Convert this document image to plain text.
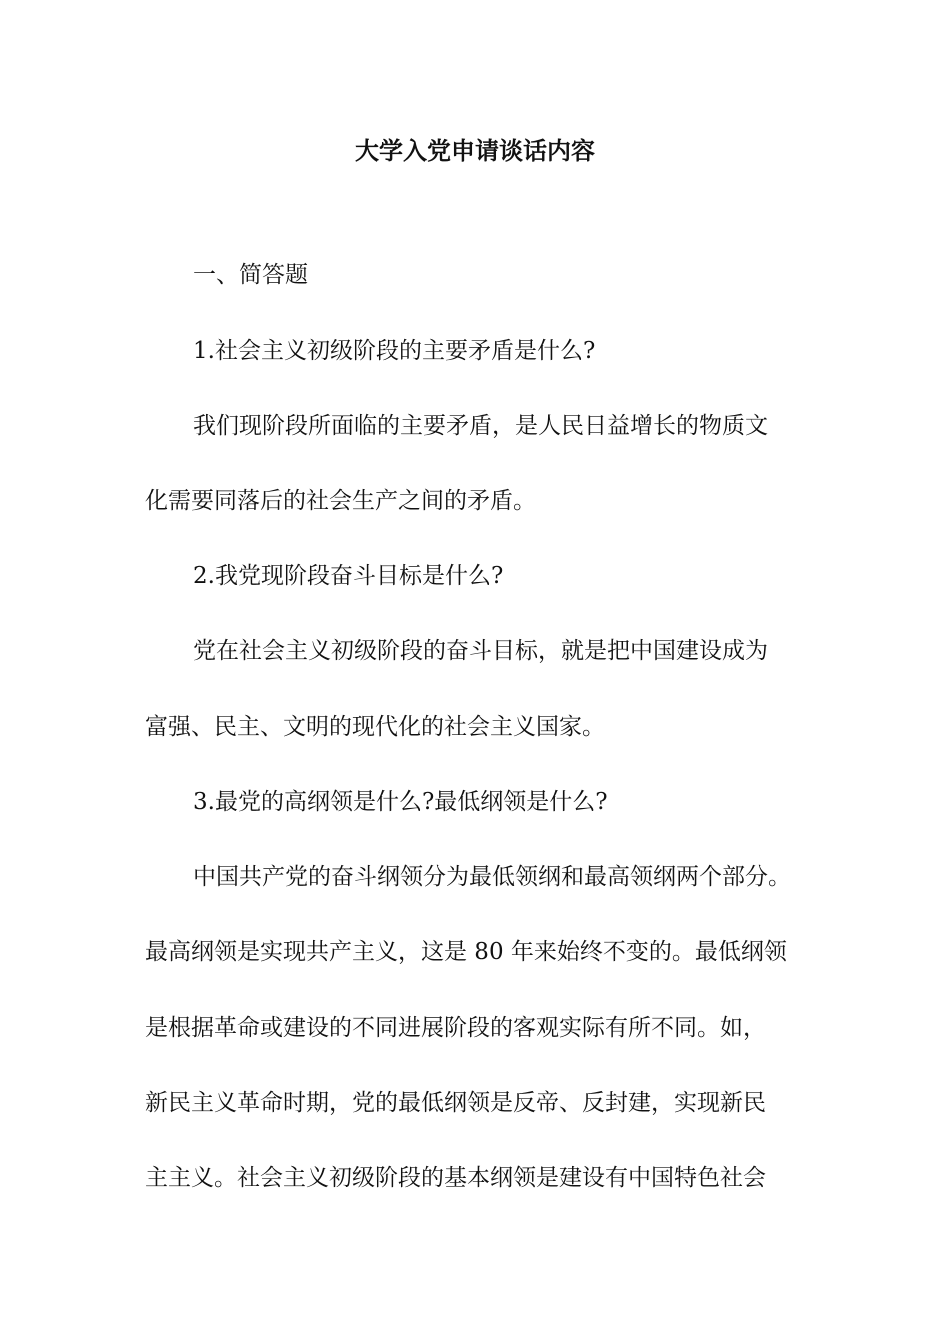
大学入党申请谈话内容

一、简答题

1.社会主义初级阶段的主要矛盾是什么?

我们现阶段所面临的主要矛盾，是人民日益增长的物质文

化需要同落后的社会生产之间的矛盾。

2.我党现阶段奋斗目标是什么?

党在社会主义初级阶段的奋斗目标，就是把中国建设成为

富强、民主、文明的现代化的社会主义国家。

3.最党的高纲领是什么?最低纲领是什么?

中国共产党的奋斗纲领分为最低领纲和最高领纲两个部分。

最高纲领是实现共产主义，这是 80 年来始终不变的。最低纲领

是根据革命或建设的不同进展阶段的客观实际有所不同。如，

新民主义革命时期，党的最低纲领是反帝、反封建，实现新民

主主义。社会主义初级阶段的基本纲领是建设有中国特色社会
